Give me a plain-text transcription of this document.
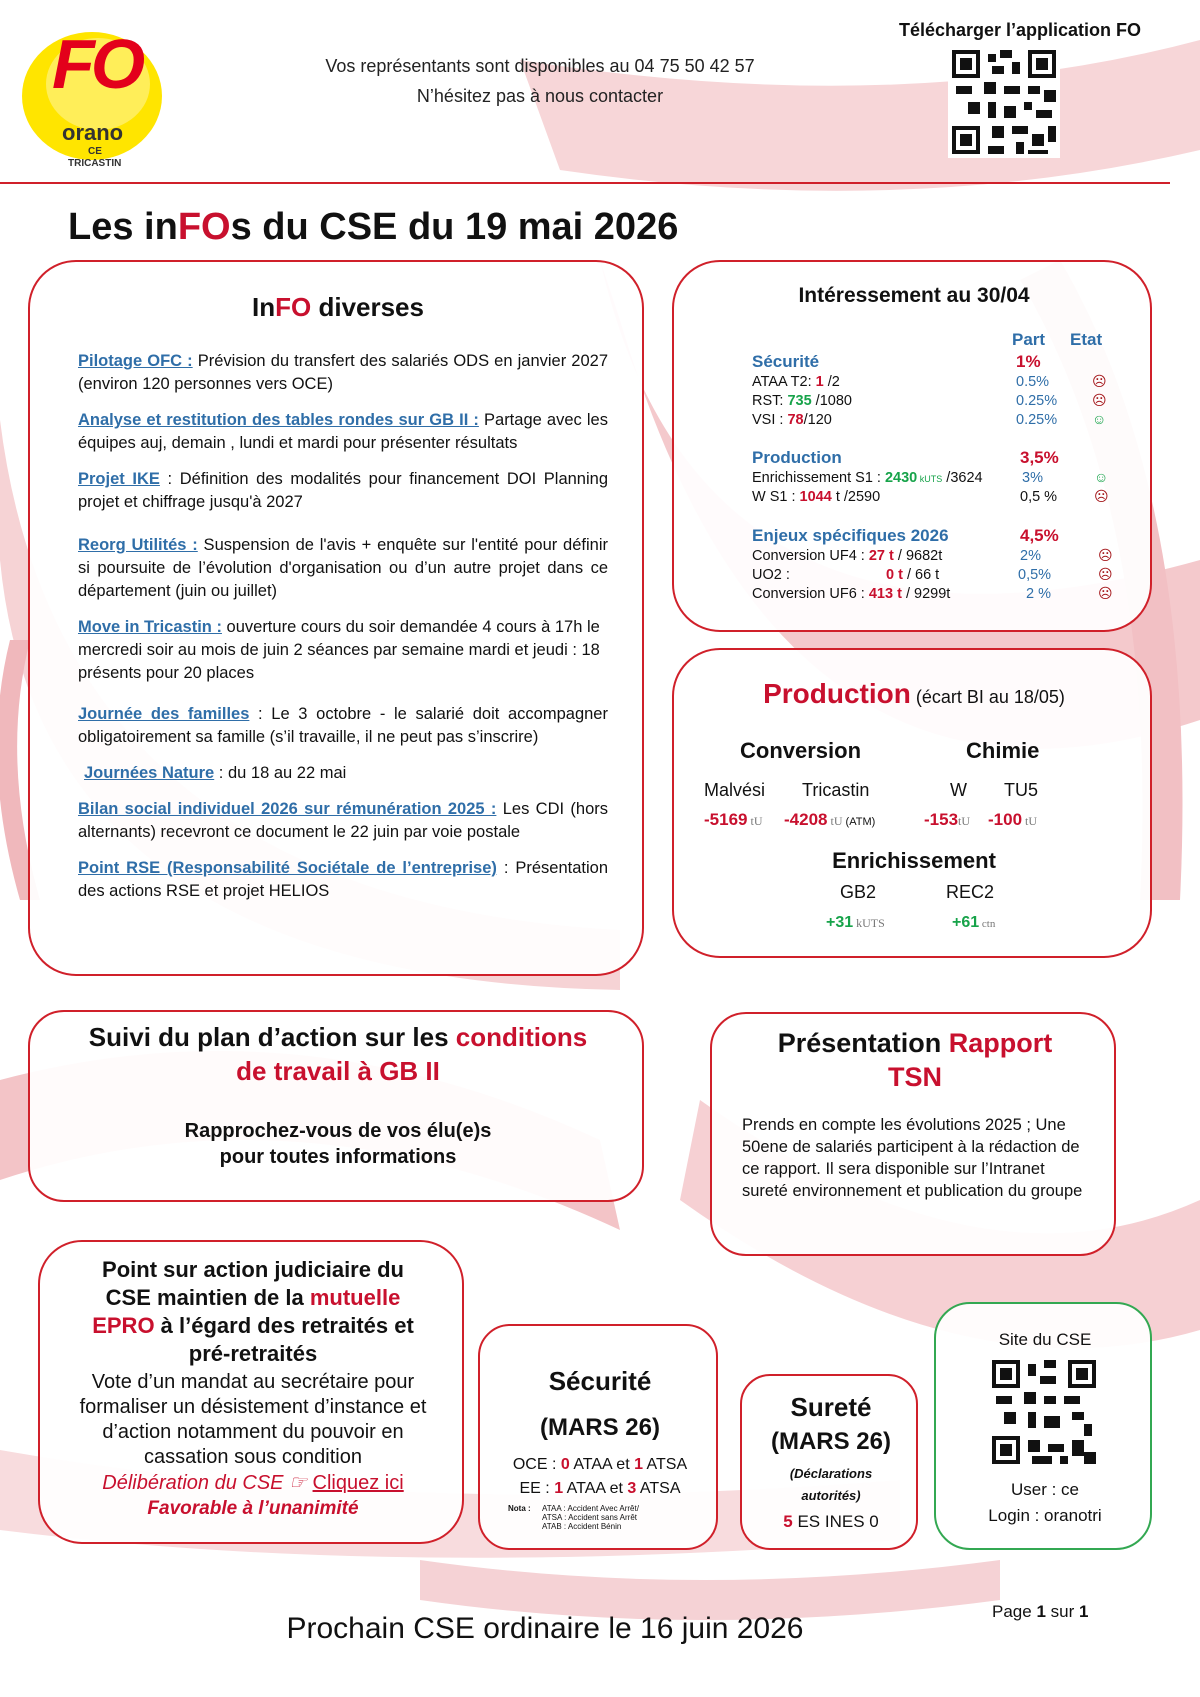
FO
orano
CE
TRICASTIN
Vos représentants sont disponibles au 04 75 50 42 57
N’hésitez pas à nous contacter
Télécharger l’application FO
Les inFOs du CSE du 19 mai 2026
InFO diverses

Pilotage OFC : Prévision du transfert des salariés ODS en janvier 2027 (environ 120 personnes vers OCE)

Analyse et restitution des tables rondes sur GB II : Partage avec les équipes auj, demain , lundi et mardi pour présenter résultats

Projet IKE : Définition des modalités pour financement DOI Planning projet et chiffrage jusqu'à 2027

Reorg Utilités : Suspension de l'avis + enquête sur l'entité pour définir si poursuite de l’évolution d'organisation ou d’un autre projet dans ce département (juin ou juillet)

Move in Tricastin : ouverture cours du soir demandée 4 cours à 17h le mercredi soir au mois de juin 2 séances par semaine mardi et jeudi : 18 présents pour 20 places

Journée des familles : Le 3 octobre - le salarié doit accompagner obligatoirement sa famille (s’il travaille, il ne peut pas s’inscrire)

Journées Nature : du 18 au 22 mai

Bilan social individuel 2026 sur rémunération 2025 : Les CDI (hors alternants) recevront ce document le 22 juin par voie postale

Point RSE (Responsabilité Sociétale de l’entreprise) : Présentation des actions RSE et projet HELIOS

Intéressement au 30/04
Part Etat
Sécurité	1%
ATAA T2: 1 /2	0.5%	☹
RST: 735 /1080	0.25% ☹
VSI : 78/120	0.25% ☺
Production	3,5%
Enrichissement S1 : 2430 kUTS /3624	3%	☺
W S1 : 1044 t /2590	0,5 %	☹
Enjeux spécifiques 2026	4,5%
Conversion UF4 : 27 t / 9682t	2%	☹
UO2 :	0 t / 66 t	0,5%	☹
Conversion UF6 : 413 t / 9299t	2 %	☹
Production (écart BI au 18/05)
Conversion	Chimie
Malvési Tricastin	W TU5
-5169 tU -4208 tU (ATM)	-153tU -100 tU
Enrichissement
GB2	REC2
+31 kUTS	+61 ctn
Suivi du plan d’action sur les conditions
de travail à GB II
Rapprochez-vous de vos élu(e)s
pour toutes informations
Présentation Rapport
TSN
Prends en compte les évolutions 2025 ; Une 50ene de salariés participent à la rédaction de ce rapport. Il sera disponible sur l’Intranet sureté environnement et publication du groupe
Point sur action judiciaire du
CSE maintien de la mutuelle
EPRO à l’égard des retraités et
pré-retraités
Vote d’un mandat au secrétaire pour formaliser un désistement d’instance et d’action notamment du pouvoir en cassation sous condition
Délibération du CSE ☞ Cliquez ici
Favorable à l’unanimité
Sécurité
(MARS 26)
OCE : 0 ATAA et 1 ATSA
EE : 1 ATAA et 3 ATSA
Nota : ATAA : Accident Avec Arrêt/
ATSA : Accident sans Arrêt
ATAB : Accident Bénin
Sureté
(MARS 26)
(Déclarations
autorités)
5 ES INES 0
Site du CSE
User : ce
Login : oranotri
Prochain CSE ordinaire le 16 juin 2026
Page 1 sur 1
